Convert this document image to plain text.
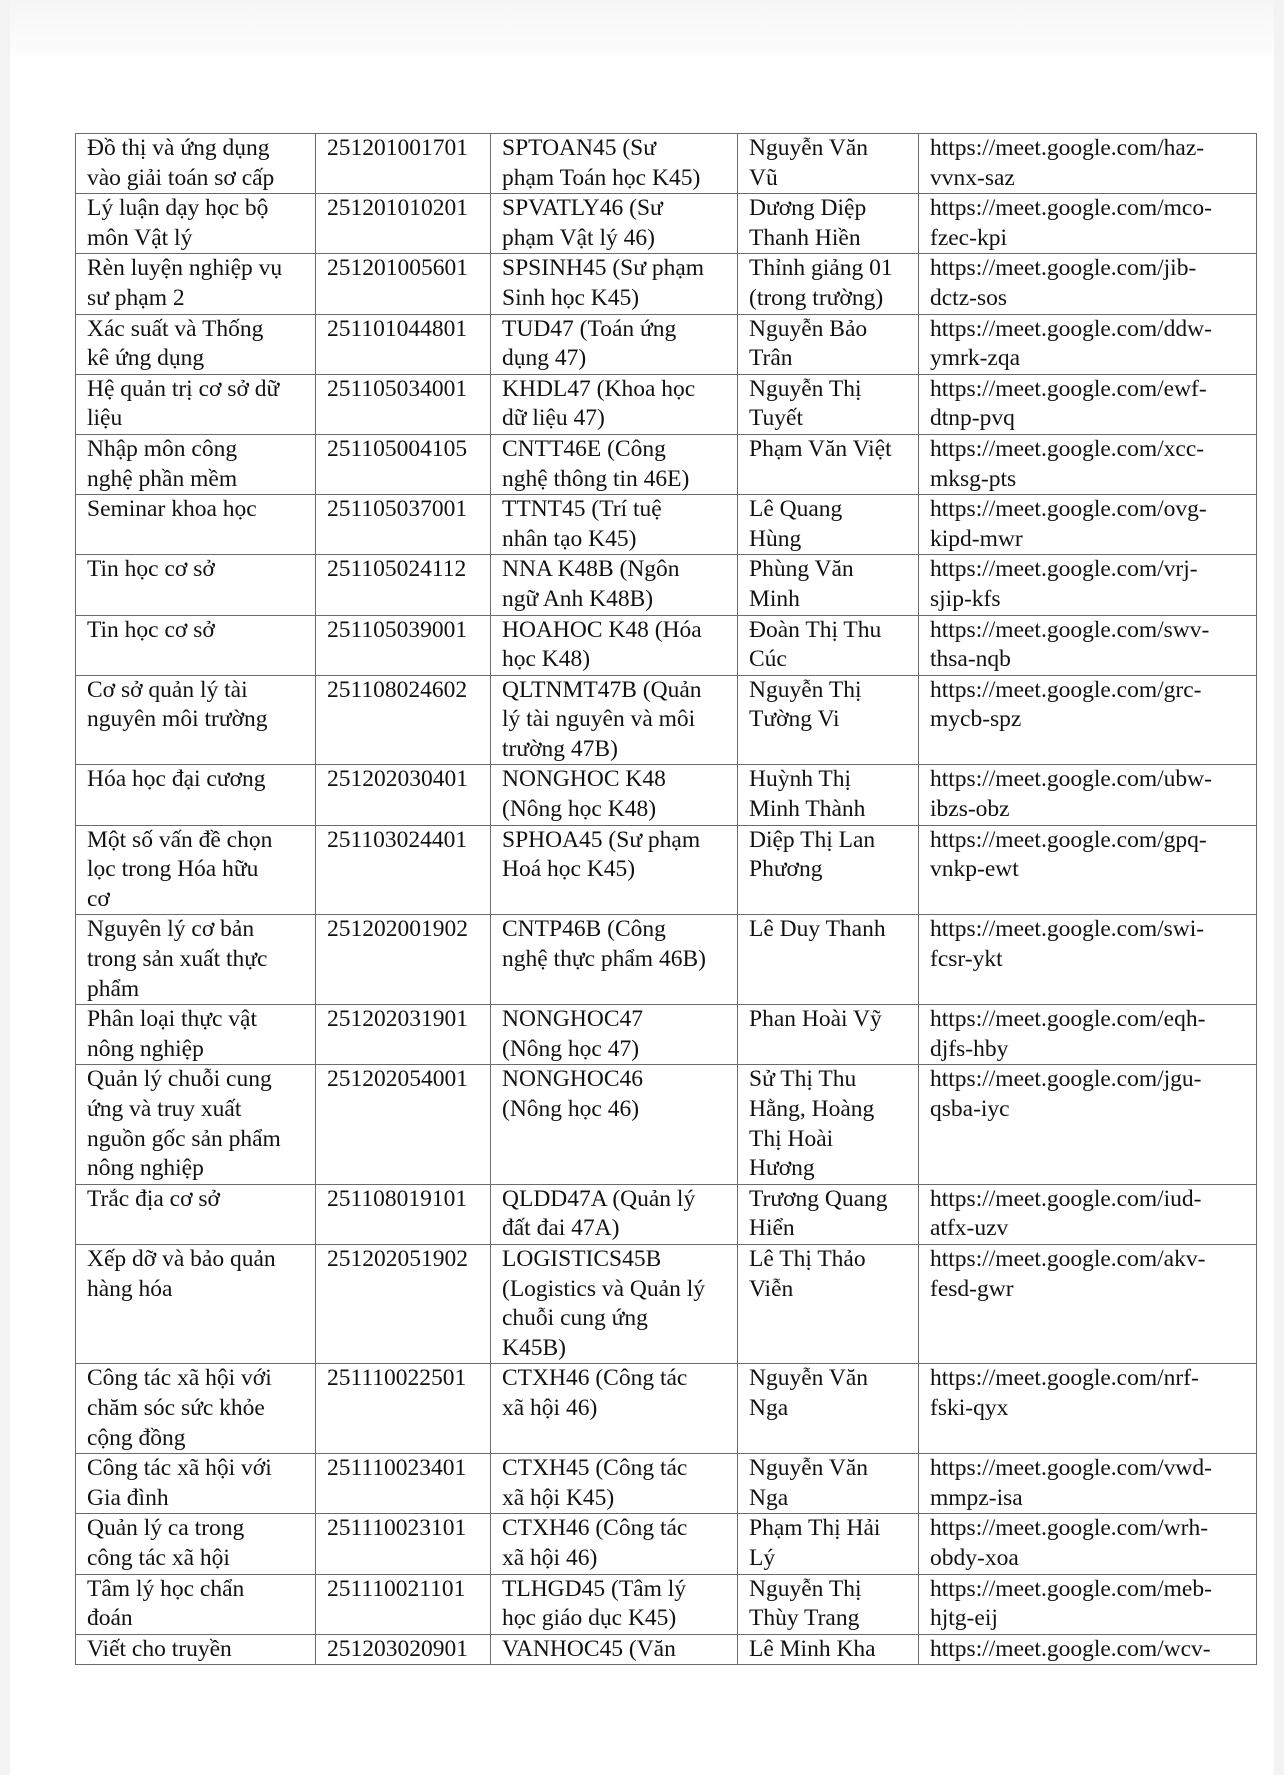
Đồ thị và ứng dụng
vào giải toán sơ cấp	251201001701	SPTOAN45 (Sư
phạm Toán học K45)	Nguyễn Văn
Vũ	https://meet.google.com/haz-
vvnx-saz

Lý luận dạy học bộ
môn Vật lý	251201010201	SPVATLY46 (Sư
phạm Vật lý 46)	Dương Diệp
Thanh Hiền	https://meet.google.com/mco-
fzec-kpi

Rèn luyện nghiệp vụ
sư phạm 2	251201005601	SPSINH45 (Sư phạm
Sinh học K45)	Thỉnh giảng 01
(trong trường)	https://meet.google.com/jib-
dctz-sos

Xác suất và Thống
kê ứng dụng	251101044801	TUD47 (Toán ứng
dụng 47)	Nguyễn Bảo
Trân	https://meet.google.com/ddw-
ymrk-zqa

Hệ quản trị cơ sở dữ
liệu	251105034001	KHDL47 (Khoa học
dữ liệu 47)	Nguyễn Thị
Tuyết	https://meet.google.com/ewf-
dtnp-pvq

Nhập môn công
nghệ phần mềm	251105004105	CNTT46E (Công
nghệ thông tin 46E)	Phạm Văn Việt	https://meet.google.com/xcc-
mksg-pts

Seminar khoa học	251105037001	TTNT45 (Trí tuệ
nhân tạo K45)	Lê Quang
Hùng	https://meet.google.com/ovg-
kipd-mwr

Tin học cơ sở	251105024112	NNA K48B (Ngôn
ngữ Anh K48B)	Phùng Văn
Minh	https://meet.google.com/vrj-
sjip-kfs

Tin học cơ sở	251105039001	HOAHOC K48 (Hóa
học K48)	Đoàn Thị Thu
Cúc	https://meet.google.com/swv-
thsa-nqb

Cơ sở quản lý tài
nguyên môi trường	251108024602	QLTNMT47B (Quản
lý tài nguyên và môi
trường 47B)	Nguyễn Thị
Tường Vi	https://meet.google.com/grc-
mycb-spz

Hóa học đại cương	251202030401	NONGHOC K48
(Nông học K48)	Huỳnh Thị
Minh Thành	https://meet.google.com/ubw-
ibzs-obz

Một số vấn đề chọn
lọc trong Hóa hữu
cơ	251103024401	SPHOA45 (Sư phạm
Hoá học K45)	Diệp Thị Lan
Phương	https://meet.google.com/gpq-
vnkp-ewt

Nguyên lý cơ bản
trong sản xuất thực
phẩm	251202001902	CNTP46B (Công
nghệ thực phẩm 46B)	Lê Duy Thanh	https://meet.google.com/swi-
fcsr-ykt

Phân loại thực vật
nông nghiệp	251202031901	NONGHOC47
(Nông học 47)	Phan Hoài Vỹ	https://meet.google.com/eqh-
djfs-hby

Quản lý chuỗi cung
ứng và truy xuất
nguồn gốc sản phẩm
nông nghiệp	251202054001	NONGHOC46
(Nông học 46)	Sử Thị Thu
Hằng, Hoàng
Thị Hoài
Hương	https://meet.google.com/jgu-
qsba-iyc

Trắc địa cơ sở	251108019101	QLDD47A (Quản lý
đất đai 47A)	Trương Quang
Hiển	https://meet.google.com/iud-
atfx-uzv

Xếp dỡ và bảo quản
hàng hóa	251202051902	LOGISTICS45B
(Logistics và Quản lý
chuỗi cung ứng
K45B)	Lê Thị Thảo
Viễn	https://meet.google.com/akv-
fesd-gwr

Công tác xã hội với
chăm sóc sức khỏe
cộng đồng	251110022501	CTXH46 (Công tác
xã hội 46)	Nguyễn Văn
Nga	https://meet.google.com/nrf-
fski-qyx

Công tác xã hội với
Gia đình	251110023401	CTXH45 (Công tác
xã hội K45)	Nguyễn Văn
Nga	https://meet.google.com/vwd-
mmpz-isa

Quản lý ca trong
công tác xã hội	251110023101	CTXH46 (Công tác
xã hội 46)	Phạm Thị Hải
Lý	https://meet.google.com/wrh-
obdy-xoa

Tâm lý học chẩn
đoán	251110021101	TLHGD45 (Tâm lý
học giáo dục K45)	Nguyễn Thị
Thùy Trang	https://meet.google.com/meb-
hjtg-eij

Viết cho truyền	251203020901	VANHOC45 (Văn	Lê Minh Kha	https://meet.google.com/wcv-
